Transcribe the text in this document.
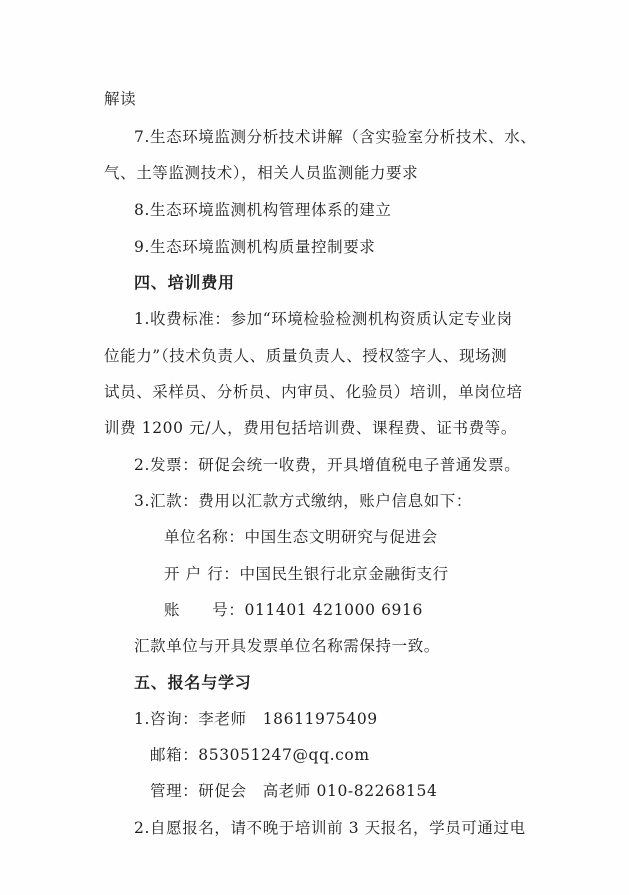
解读
7.生态环境监测分析技术讲解（含实验室分析技术、水、
气、土等监测技术），相关人员监测能力要求
8.生态环境监测机构管理体系的建立
9.生态环境监测机构质量控制要求
四、培训费用
1.收费标准：参加“环境检验检测机构资质认定专业岗
位能力”（技术负责人、质量负责人、授权签字人、现场测
试员、采样员、分析员、内审员、化验员）培训，单岗位培
训费 1200 元/人，费用包括培训费、课程费、证书费等。
2.发票：研促会统一收费，开具增值税电子普通发票。
3.汇款：费用以汇款方式缴纳，账户信息如下：
单位名称：中国生态文明研究与促进会
开 户 行：中国民生银行北京金融街支行
账　　号：011401 421000 6916
汇款单位与开具发票单位名称需保持一致。
五、报名与学习
1.咨询：李老师　18611975409
邮箱：853051247@qq.com
管理：研促会　高老师 010-82268154
2.自愿报名，请不晚于培训前 3 天报名，学员可通过电
